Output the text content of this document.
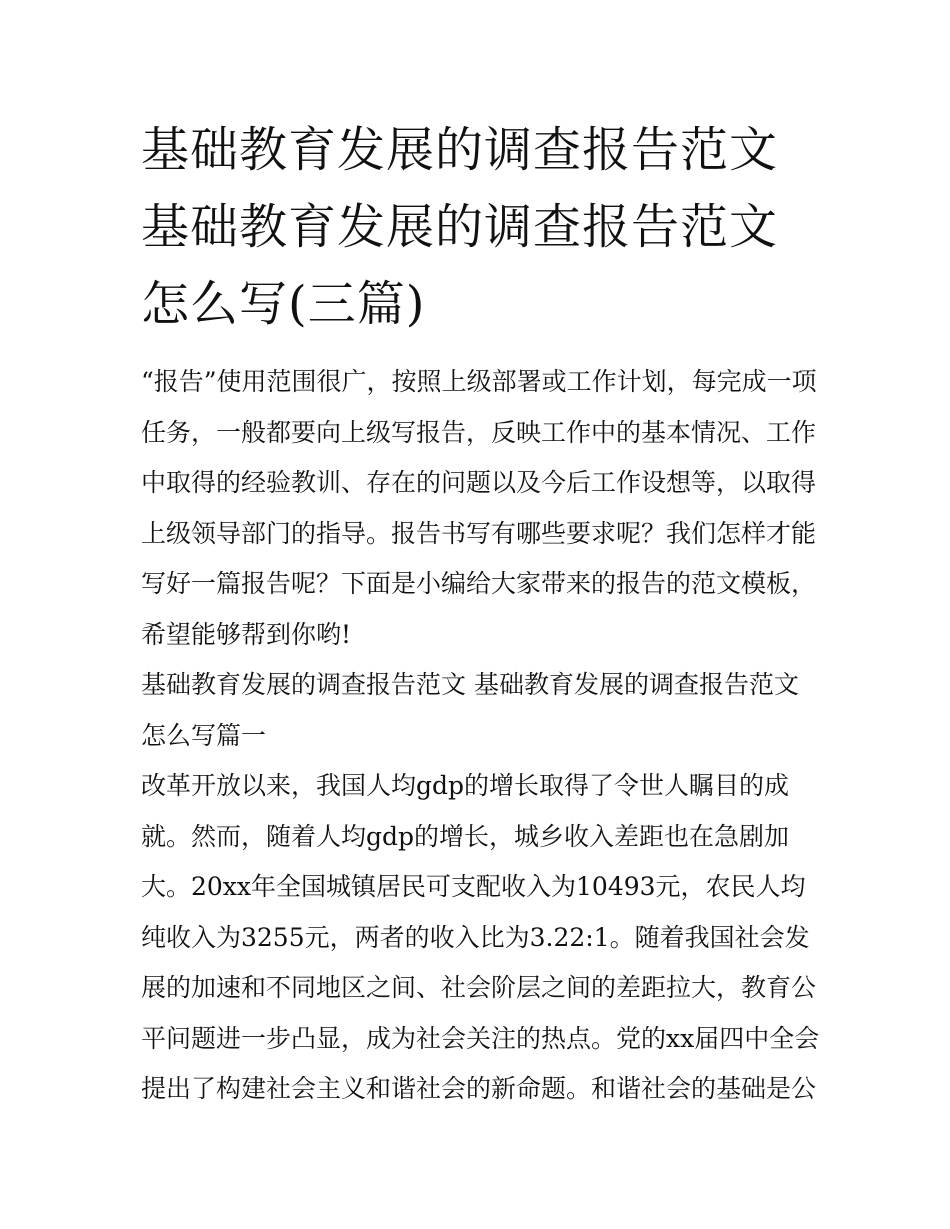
基础教育发展的调查报告范文 基础教育发展的调查报告范文怎么写(三篇)

“报告”使用范围很广，按照上级部署或工作计划，每完成一项任务，一般都要向上级写报告，反映工作中的基本情况、工作中取得的经验教训、存在的问题以及今后工作设想等，以取得上级领导部门的指导。报告书写有哪些要求呢？我们怎样才能写好一篇报告呢？下面是小编给大家带来的报告的范文模板，希望能够帮到你哟!

基础教育发展的调查报告范文 基础教育发展的调查报告范文怎么写篇一

改革开放以来，我国人均gdp的增长取得了令世人瞩目的成就。然而，随着人均gdp的增长，城乡收入差距也在急剧加大。20xx年全国城镇居民可支配收入为10493元，农民人均纯收入为3255元，两者的收入比为3.22:1。随着我国社会发展的加速和不同地区之间、社会阶层之间的差距拉大，教育公平问题进一步凸显，成为社会关注的热点。党的xx届四中全会提出了构建社会主义和谐社会的新命题。和谐社会的基础是公
